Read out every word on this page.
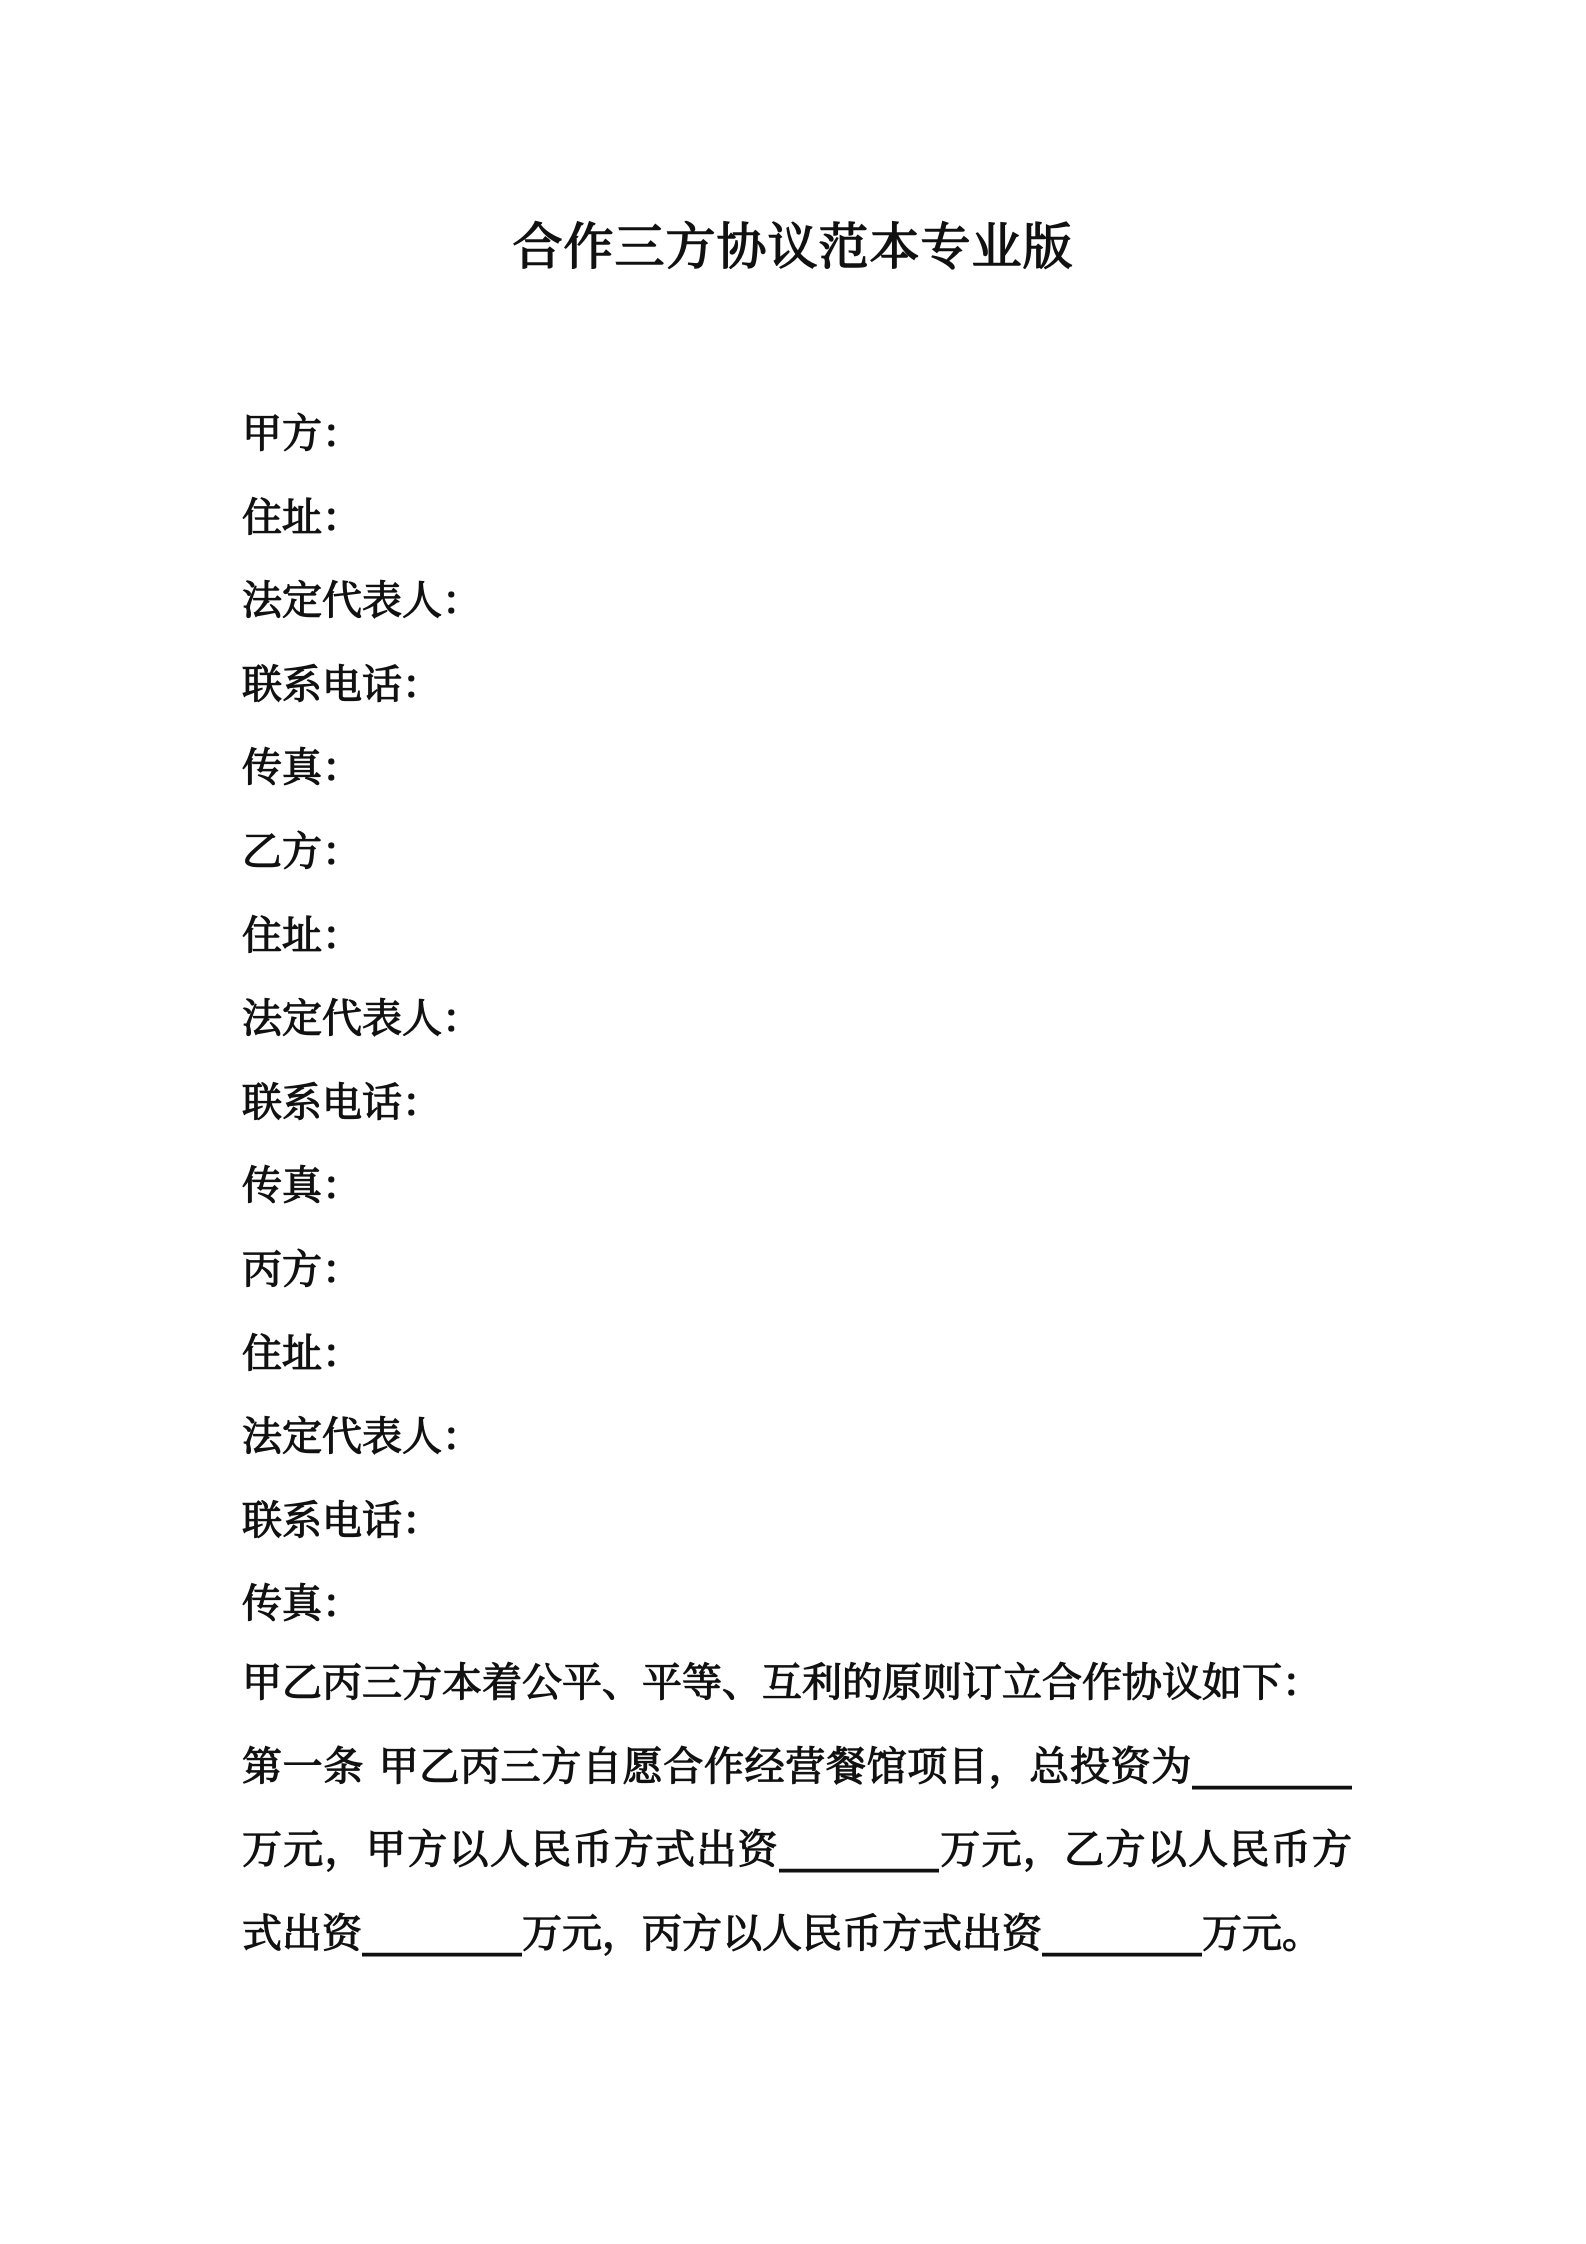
合作三方协议范本专业版
甲方：
住址：
法定代表人：
联系电话：
传真：
乙方：
住址：
法定代表人：
联系电话：
传真：
丙方：
住址：
法定代表人：
联系电话：
传真：
甲乙丙三方本着公平、平等、互利的原则订立合作协议如下：
第一条 甲乙丙三方自愿合作经营餐馆项目，总投资为________
万元，甲方以人民币方式出资________万元，乙方以人民币方
式出资________万元，丙方以人民币方式出资________万元。
